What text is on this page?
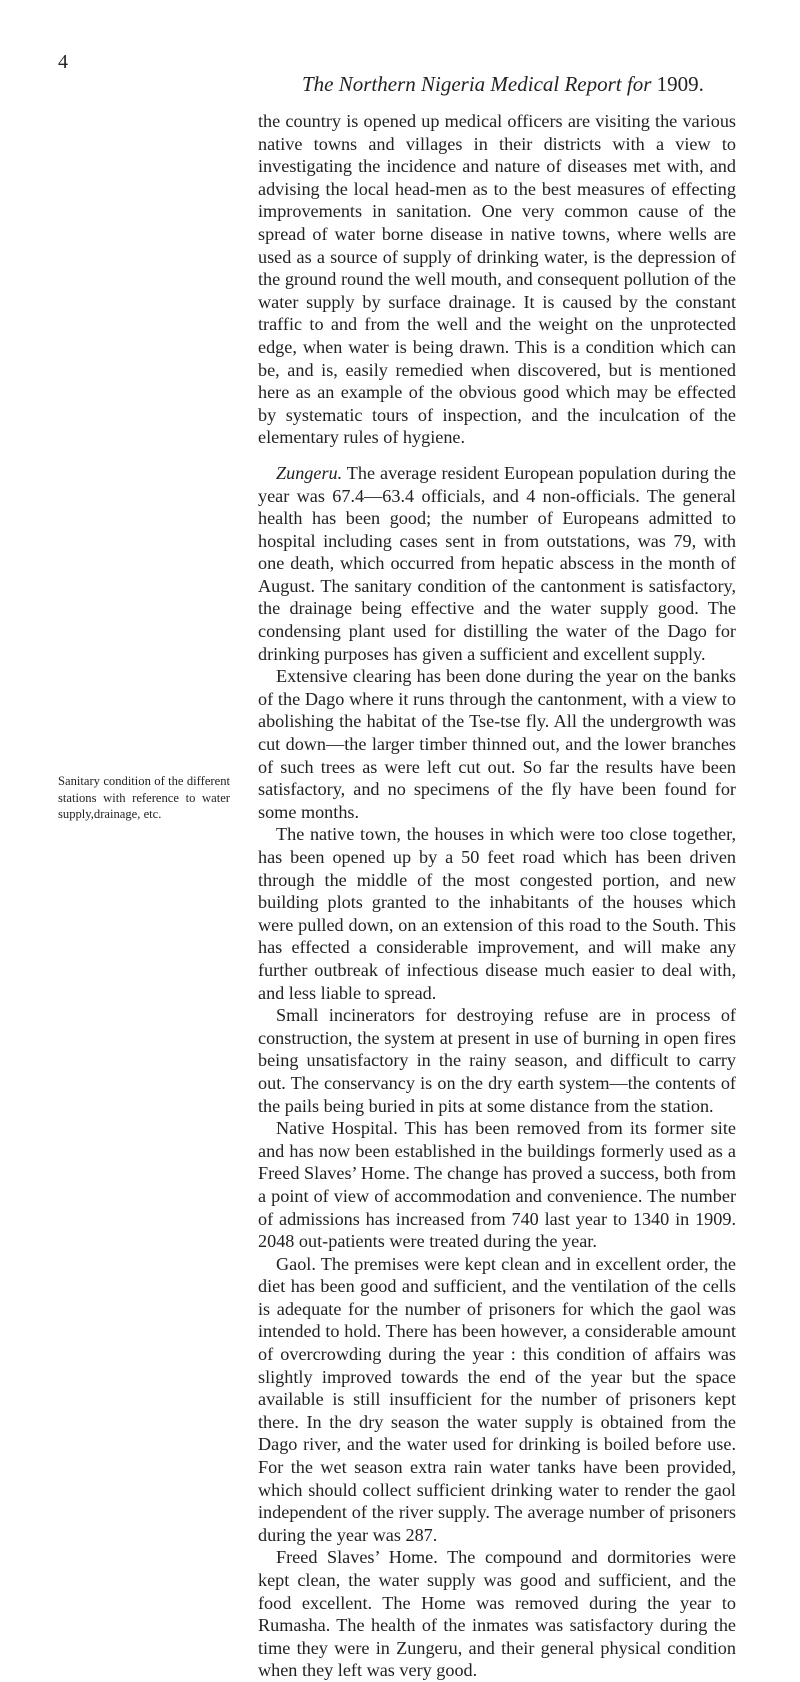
4
The Northern Nigeria Medical Report for 1909.
Sanitary condition of the different stations with reference to water supply,drainage, etc.

the country is opened up medical officers are visiting the various native towns and villages in their districts with a view to investigating the incidence and nature of diseases met with, and advising the local head-men as to the best measures of effecting improvements in sanitation. One very common cause of the spread of water borne disease in native towns, where wells are used as a source of supply of drinking water, is the depression of the ground round the well mouth, and consequent pollution of the water supply by surface drainage. It is caused by the constant traffic to and from the well and the weight on the unprotected edge, when water is being drawn. This is a condition which can be, and is, easily remedied when discovered, but is mentioned here as an example of the obvious good which may be effected by systematic tours of inspection, and the inculcation of the elementary rules of hygiene.

Zungeru. The average resident European population during the year was 67.4—63.4 officials, and 4 non-officials. The general health has been good; the number of Europeans admitted to hospital including cases sent in from outstations, was 79, with one death, which occurred from hepatic abscess in the month of August. The sanitary condition of the cantonment is satisfactory, the drainage being effective and the water supply good. The condensing plant used for distilling the water of the Dago for drinking purposes has given a sufficient and excellent supply.

Extensive clearing has been done during the year on the banks of the Dago where it runs through the cantonment, with a view to abolishing the habitat of the Tse-tse fly. All the undergrowth was cut down—the larger timber thinned out, and the lower branches of such trees as were left cut out. So far the results have been satisfactory, and no specimens of the fly have been found for some months.

The native town, the houses in which were too close together, has been opened up by a 50 feet road which has been driven through the middle of the most congested portion, and new building plots granted to the inhabitants of the houses which were pulled down, on an extension of this road to the South. This has effected a considerable improvement, and will make any further outbreak of infectious disease much easier to deal with, and less liable to spread.

Small incinerators for destroying refuse are in process of construction, the system at present in use of burning in open fires being unsatisfactory in the rainy season, and difficult to carry out. The conservancy is on the dry earth system—the contents of the pails being buried in pits at some distance from the station.

Native Hospital. This has been removed from its former site and has now been established in the buildings formerly used as a Freed Slaves’ Home. The change has proved a success, both from a point of view of accommodation and convenience. The number of admissions has increased from 740 last year to 1340 in 1909. 2048 out-patients were treated during the year.

Gaol. The premises were kept clean and in excellent order, the diet has been good and sufficient, and the ventilation of the cells is adequate for the number of prisoners for which the gaol was intended to hold. There has been however, a considerable amount of overcrowding during the year : this condition of affairs was slightly improved towards the end of the year but the space available is still insufficient for the number of prisoners kept there. In the dry season the water supply is obtained from the Dago river, and the water used for drinking is boiled before use. For the wet season extra rain water tanks have been provided, which should collect sufficient drinking water to render the gaol independent of the river supply. The average number of prisoners during the year was 287.

Freed Slaves’ Home. The compound and dormitories were kept clean, the water supply was good and sufficient, and the food excellent. The Home was removed during the year to Rumasha. The health of the inmates was satisfactory during the time they were in Zungeru, and their general physical condition when they left was very good.
